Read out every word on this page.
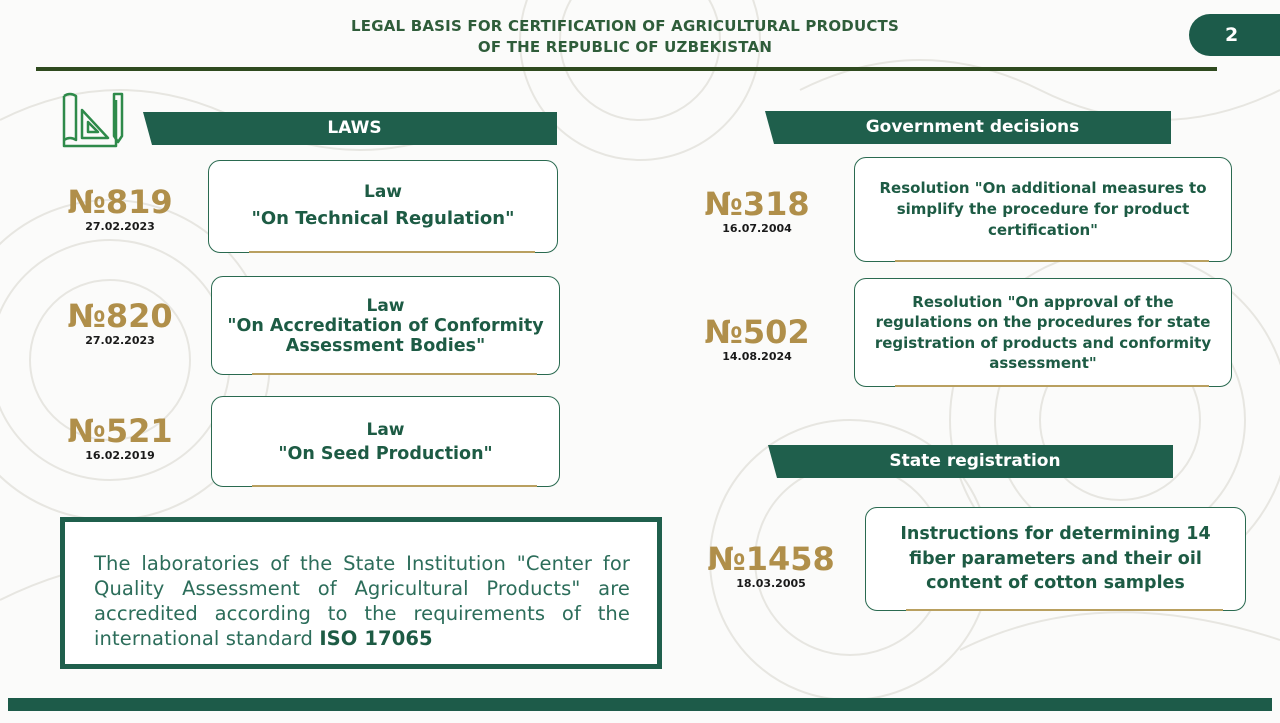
LEGAL BASIS FOR CERTIFICATION OF AGRICULTURAL PRODUCTS
OF THE REPUBLIC OF UZBEKISTAN
2
LAWS
№819
27.02.2023
Law
"On Technical Regulation"
№820
27.02.2023
Law
"On Accreditation of Conformity Assessment Bodies"
№521
16.02.2019
Law
"On Seed Production"
The laboratories of the State Institution "Center for Quality Assessment of Agricultural Products" are accredited according to the requirements of the international standard ISO 17065
Government decisions
№318
16.07.2004
Resolution "On additional measures to simplify the procedure for product certification"
№502
14.08.2024
Resolution "On approval of the regulations on the procedures for state registration of products and conformity assessment"
State registration
№1458
18.03.2005
Instructions for determining 14 fiber parameters and their oil content of cotton samples
